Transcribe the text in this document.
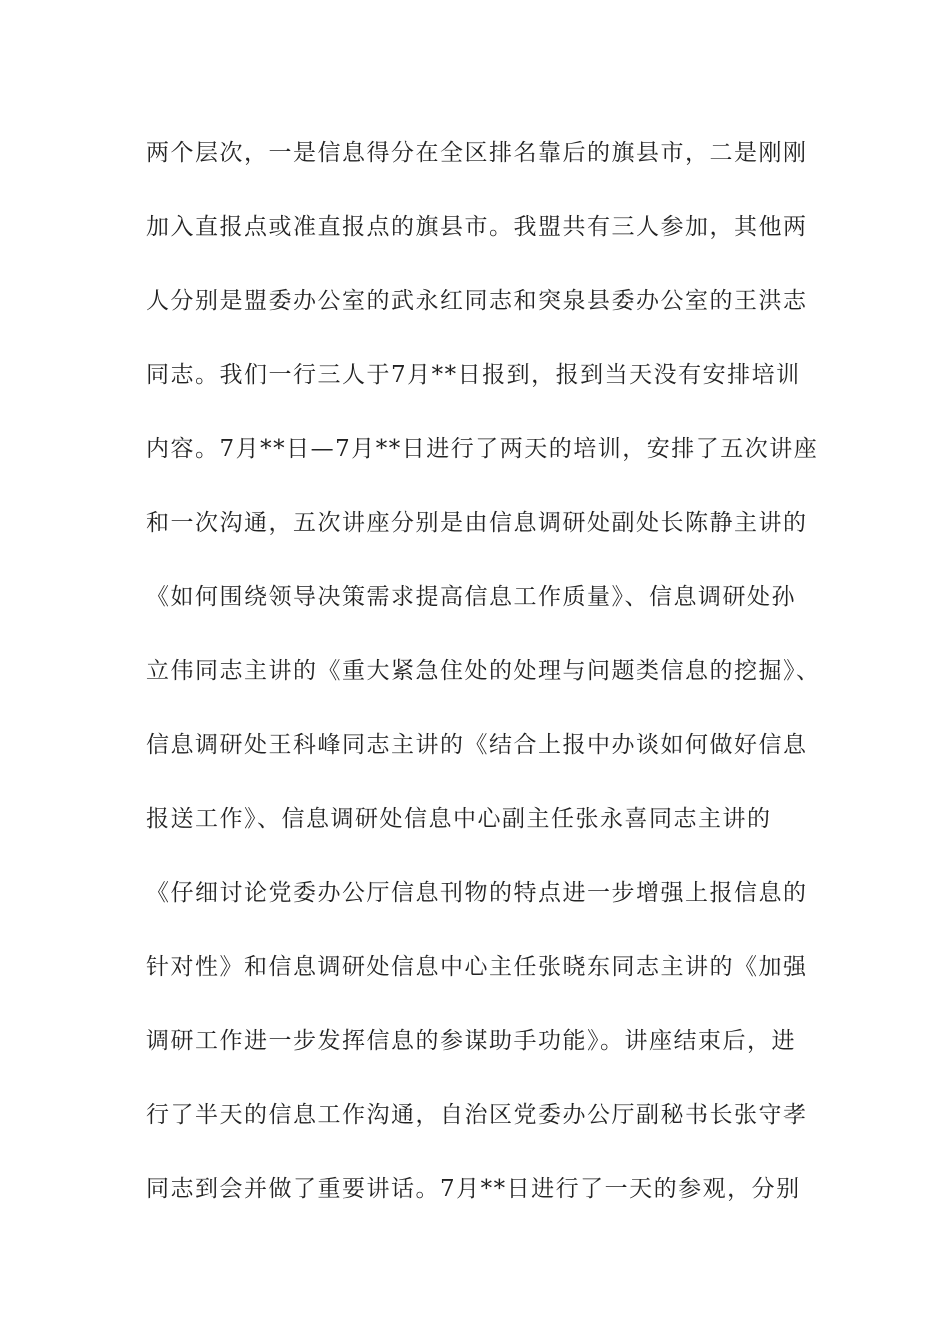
两个层次，一是信息得分在全区排名靠后的旗县市，二是刚刚
加入直报点或准直报点的旗县市。我盟共有三人参加，其他两
人分别是盟委办公室的武永红同志和突泉县委办公室的王洪志
同志。我们一行三人于7月**日报到，报到当天没有安排培训
内容。7月**日—7月**日进行了两天的培训，安排了五次讲座
和一次沟通，五次讲座分别是由信息调研处副处长陈静主讲的
《如何围绕领导决策需求提高信息工作质量》、信息调研处孙
立伟同志主讲的《重大紧急住处的处理与问题类信息的挖掘》、
信息调研处王科峰同志主讲的《结合上报中办谈如何做好信息
报送工作》、信息调研处信息中心副主任张永喜同志主讲的
《仔细讨论党委办公厅信息刊物的特点进一步增强上报信息的
针对性》和信息调研处信息中心主任张晓东同志主讲的《加强
调研工作进一步发挥信息的参谋助手功能》。讲座结束后，进
行了半天的信息工作沟通，自治区党委办公厅副秘书长张守孝
同志到会并做了重要讲话。7月**日进行了一天的参观，分别
